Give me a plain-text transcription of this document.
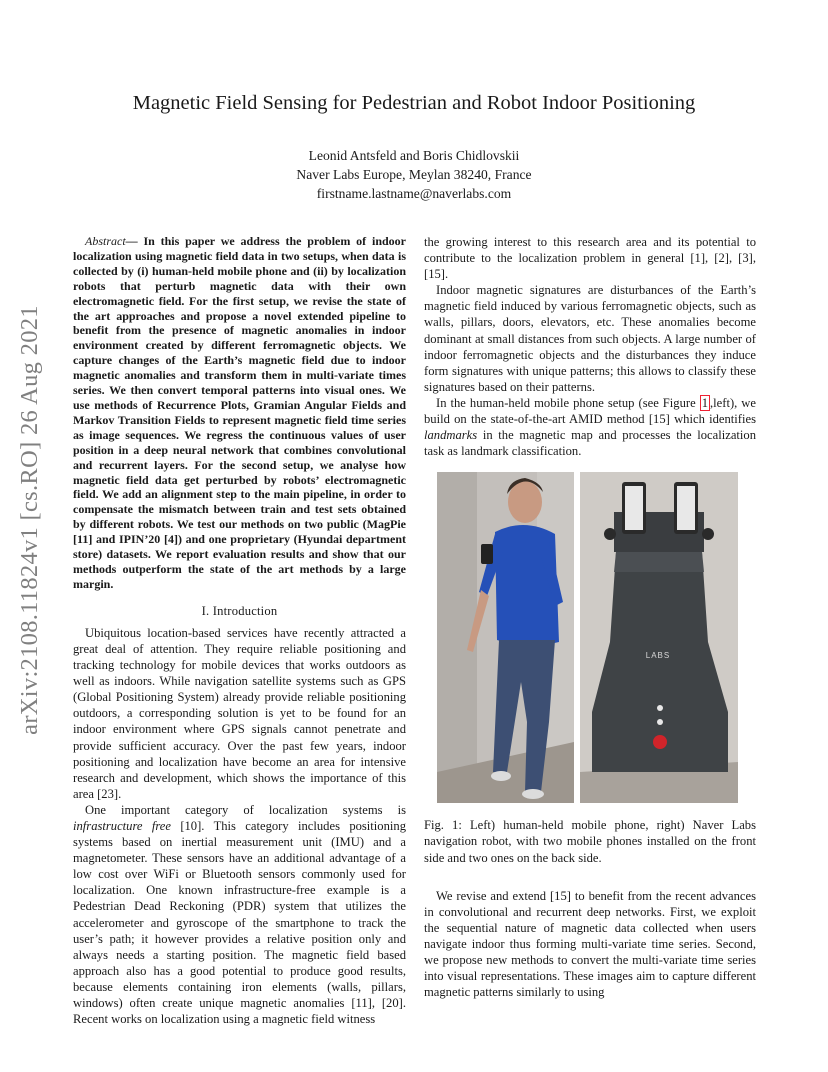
arXiv:2108.11824v1 [cs.RO] 26 Aug 2021
Magnetic Field Sensing for Pedestrian and Robot Indoor Positioning
Leonid Antsfeld and Boris Chidlovskii
Naver Labs Europe, Meylan 38240, France
firstname.lastname@naverlabs.com

Abstract— In this paper we address the problem of indoor localization using magnetic field data in two setups, when data is collected by (i) human-held mobile phone and (ii) by localization robots that perturb magnetic data with their own electromagnetic field. For the first setup, we revise the state of the art approaches and propose a novel extended pipeline to benefit from the presence of magnetic anomalies in indoor environment created by different ferromagnetic objects. We capture changes of the Earth’s magnetic field due to indoor magnetic anomalies and transform them in multi-variate times series. We then convert temporal patterns into visual ones. We use methods of Recurrence Plots, Gramian Angular Fields and Markov Transition Fields to represent magnetic field time series as image sequences. We regress the continuous values of user position in a deep neural network that combines convolutional and recurrent layers. For the second setup, we analyse how magnetic field data get perturbed by robots’ electromagnetic field. We add an alignment step to the main pipeline, in order to compensate the mismatch between train and test sets obtained by different robots. We test our methods on two public (MagPie [11] and IPIN’20 [4]) and one proprietary (Hyundai department store) datasets. We report evaluation results and show that our methods outperform the state of the art methods by a large margin.

I. Introduction

Ubiquitous location-based services have recently attracted a great deal of attention. They require reliable positioning and tracking technology for mobile devices that works outdoors as well as indoors. While navigation satellite systems such as GPS (Global Positioning System) already provide reliable positioning outdoors, a corresponding solution is yet to be found for an indoor environment where GPS signals cannot penetrate and provide sufficient accuracy. Over the past few years, indoor positioning and localization have become an area for intensive research and development, which shows the importance of this area [23].

One important category of localization systems is infrastructure free [10]. This category includes positioning systems based on inertial measurement unit (IMU) and a magnetometer. These sensors have an additional advantage of a low cost over WiFi or Bluetooth sensors commonly used for localization. One known infrastructure-free example is a Pedestrian Dead Reckoning (PDR) system that utilizes the accelerometer and gyroscope of the smartphone to track the user’s path; it however provides a relative position only and always needs a starting position. The magnetic field based approach also has a good potential to produce good results, because elements containing iron elements (walls, pillars, windows) often create unique magnetic anomalies [11], [20]. Recent works on localization using a magnetic field witness

the growing interest to this research area and its potential to contribute to the localization problem in general [1], [2], [3], [15].

Indoor magnetic signatures are disturbances of the Earth’s magnetic field induced by various ferromagnetic objects, such as walls, pillars, doors, elevators, etc. These anomalies become dominant at small distances from such objects. A large number of indoor ferromagnetic objects and the disturbances they induce form signatures with unique patterns; this allows to classify these signatures based on their patterns.

In the human-held mobile phone setup (see Figure 1 ,left), we build on the state-of-the-art AMID method [15] which identifies landmarks in the magnetic map and processes the localization task as landmark classification.

LABS

Fig. 1: Left) human-held mobile phone, right) Naver Labs navigation robot, with two mobile phones installed on the front side and two ones on the back side.

We revise and extend [15] to benefit from the recent advances in convolutional and recurrent deep networks. First, we exploit the sequential nature of magnetic data collected when users navigate indoor thus forming multi-variate time series. Second, we propose new methods to convert the multi-variate time series into visual representations. These images aim to capture different magnetic patterns similarly to using
